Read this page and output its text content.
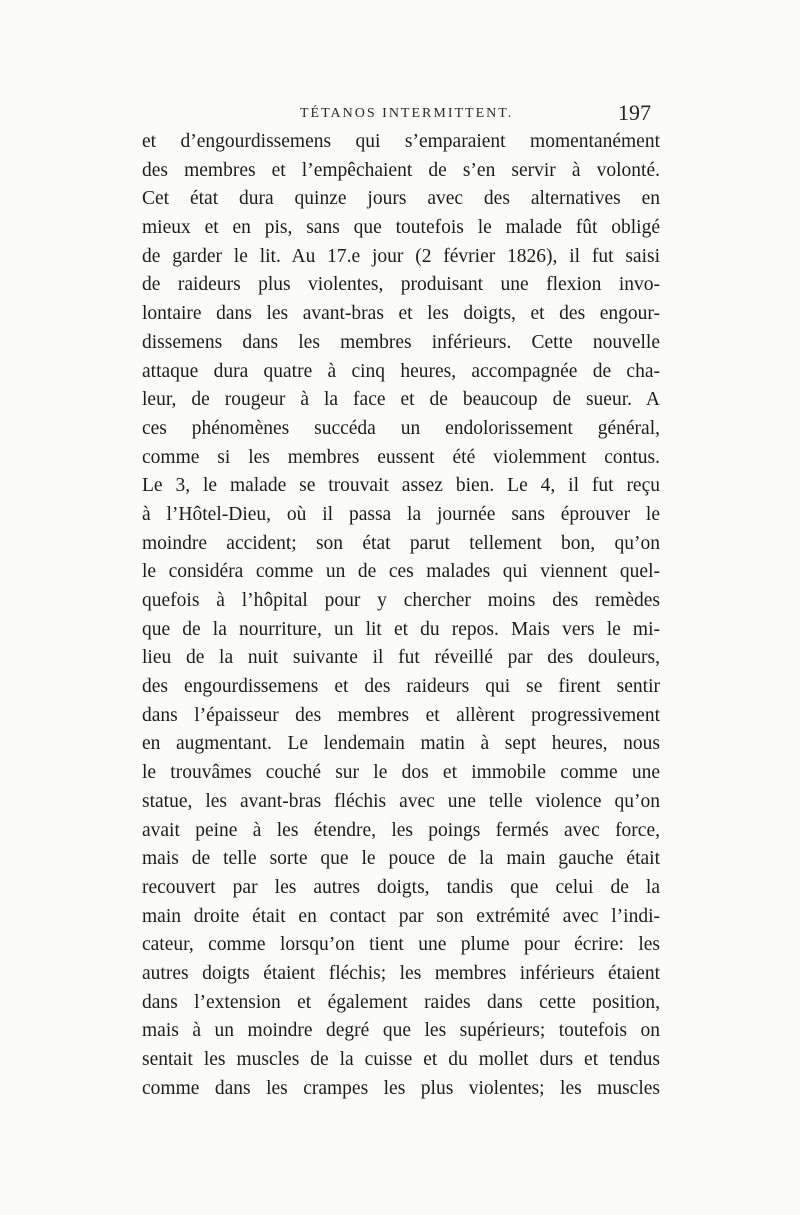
TÉTANOS INTERMITTENT.	197
et d’engourdissemens qui s’emparaient momentanément
des membres et l’empêchaient de s’en servir à volonté.
Cet état dura quinze jours avec des alternatives en
mieux et en pis, sans que toutefois le malade fût obligé
de garder le lit. Au 17.e jour (2 février 1826), il fut saisi
de raideurs plus violentes, produisant une flexion invo-
lontaire dans les avant-bras et les doigts, et des engour-
dissemens dans les membres inférieurs. Cette nouvelle
attaque dura quatre à cinq heures, accompagnée de cha-
leur, de rougeur à la face et de beaucoup de sueur. A
ces phénomènes succéda un endolorissement général,
comme si les membres eussent été violemment contus.
Le 3, le malade se trouvait assez bien. Le 4, il fut reçu
à l’Hôtel-Dieu, où il passa la journée sans éprouver le
moindre accident; son état parut tellement bon, qu’on
le considéra comme un de ces malades qui viennent quel-
quefois à l’hôpital pour y chercher moins des remèdes
que de la nourriture, un lit et du repos. Mais vers le mi-
lieu de la nuit suivante il fut réveillé par des douleurs,
des engourdissemens et des raideurs qui se firent sentir
dans l’épaisseur des membres et allèrent progressivement
en augmentant. Le lendemain matin à sept heures, nous
le trouvâmes couché sur le dos et immobile comme une
statue, les avant-bras fléchis avec une telle violence qu’on
avait peine à les étendre, les poings fermés avec force,
mais de telle sorte que le pouce de la main gauche était
recouvert par les autres doigts, tandis que celui de la
main droite était en contact par son extrémité avec l’indi-
cateur, comme lorsqu’on tient une plume pour écrire: les
autres doigts étaient fléchis; les membres inférieurs étaient
dans l’extension et également raides dans cette position,
mais à un moindre degré que les supérieurs; toutefois on
sentait les muscles de la cuisse et du mollet durs et tendus
comme dans les crampes les plus violentes; les muscles
